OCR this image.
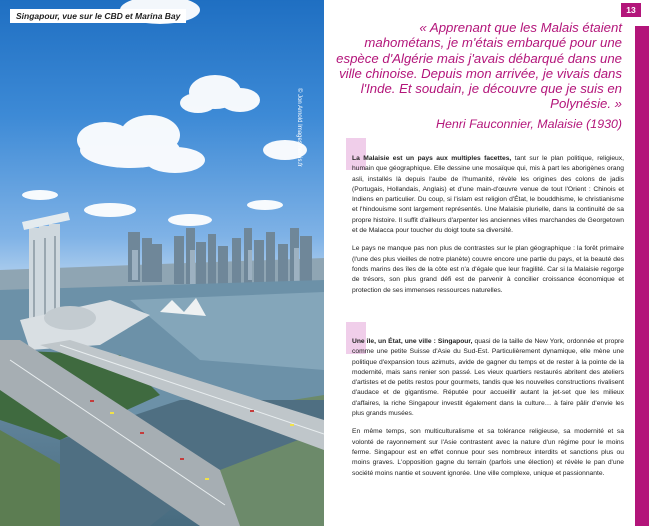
Singapour, vue sur le CBD et Marina Bay
© Jon Arnold Images/hemis.fr
13

« Apprenant que les Malais étaient mahométans, je m'étais embarqué pour une espèce d'Algérie mais j'avais débarqué dans une ville chinoise. Depuis mon arrivée, je vivais dans l'Inde. Et soudain, je découvre que je suis en Polynésie. »

Henri Fauconnier, Malaisie (1930)

La Malaisie est un pays aux multiples facettes, tant sur le plan politique, religieux, humain que géographique. Elle dessine une mosaïque qui, mis à part les aborigènes orang asli, installés là depuis l'aube de l'humanité, révèle les origines des colons de jadis (Portugais, Hollandais, Anglais) et d'une main-d'œuvre venue de tout l'Orient : Chinois et Indiens en particulier. Du coup, si l'islam est religion d'État, le bouddhisme, le christianisme et l'hindouisme sont largement représentés. Une Malaisie plurielle, dans la continuité de sa propre histoire. Il suffit d'ailleurs d'arpenter les anciennes villes marchandes de Georgetown et de Malacca pour toucher du doigt toute sa diversité.

Le pays ne manque pas non plus de contrastes sur le plan géographique : la forêt primaire (l'une des plus vieilles de notre planète) couvre encore une partie du pays, et la beauté des fonds marins des îles de la côte est n'a d'égale que leur fragilité. Car si la Malaisie regorge de trésors, son plus grand défi est de parvenir à concilier croissance économique et protection de ses immenses ressources naturelles.

Une île, un État, une ville : Singapour, quasi de la taille de New York, ordonnée et propre comme une petite Suisse d'Asie du Sud-Est. Particulièrement dynamique, elle mène une politique d'expansion tous azimuts, avide de gagner du temps et de rester à la pointe de la modernité, mais sans renier son passé. Les vieux quartiers restaurés abritent des ateliers d'artistes et de petits restos pour gourmets, tandis que les nouvelles constructions rivalisent d'audace et de gigantisme. Réputée pour accueillir autant la jet-set que les milieux d'affaires, la riche Singapour investit également dans la culture… à faire pâlir d'envie les plus grands musées.

En même temps, son multiculturalisme et sa tolérance religieuse, sa modernité et sa volonté de rayonnement sur l'Asie contrastent avec la nature d'un régime pour le moins ferme. Singapour est en effet connue pour ses nombreux interdits et sanctions plus ou moins graves. L'opposition gagne du terrain (parfois une élection) et révèle le pan d'une société moins nantie et souvent ignorée. Une ville complexe, unique et passionnante.
